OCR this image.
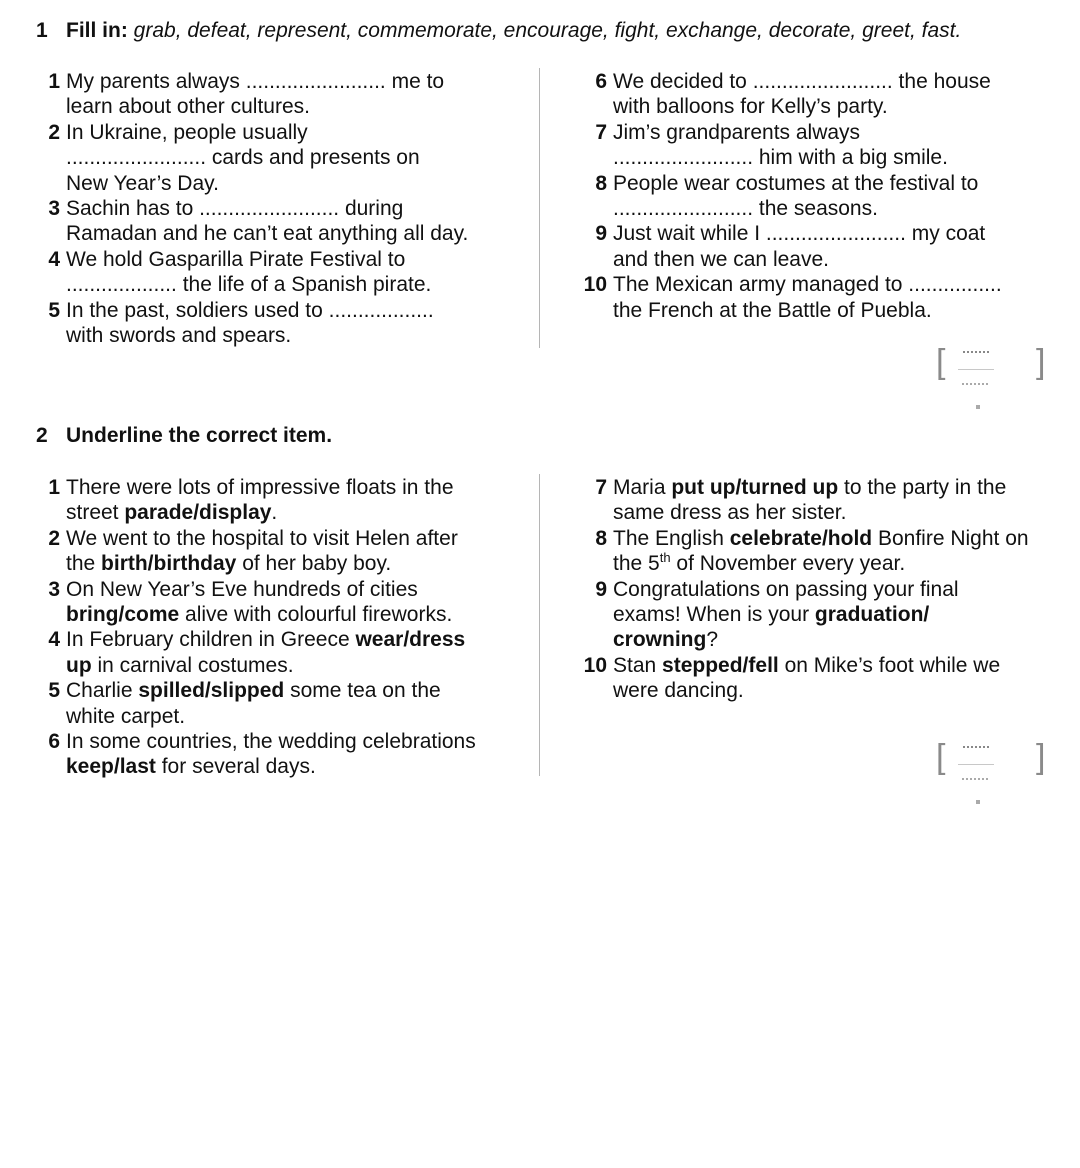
1 Fill in: grab, defeat, represent, commemorate, encourage, fight, exchange, decorate, greet, fast.
1 My parents always ........................ me to
learn about other cultures.
2 In Ukraine, people usually
........................ cards and presents on
New Year’s Day.
3 Sachin has to ........................ during
Ramadan and he can’t eat anything all day.
4 We hold Gasparilla Pirate Festival to
................... the life of a Spanish pirate.
5 In the past, soldiers used to ..................
with swords and spears.
6 We decided to ........................ the house
with balloons for Kelly’s party.
7 Jim’s grandparents always
........................ him with a big smile.
8 People wear costumes at the festival to
........................ the seasons.
9 Just wait while I ........................ my coat
and then we can leave.
10 The Mexican army managed to ................
the French at the Battle of Puebla.
[	]
2 Underline the correct item.
1 There were lots of impressive floats in the
street parade/display.
2 We went to the hospital to visit Helen after
the birth/birthday of her baby boy.
3 On New Year’s Eve hundreds of cities
bring/come alive with colourful fireworks.
4 In February children in Greece wear/dress
up in carnival costumes.
5 Charlie spilled/slipped some tea on the
white carpet.
6 In some countries, the wedding celebrations
keep/last for several days.
7 Maria put up/turned up to the party in the
same dress as her sister.
8 The English celebrate/hold Bonfire Night on
the 5th of November every year.
9 Congratulations on passing your final
exams! When is your graduation/
crowning?
10 Stan stepped/fell on Mike’s foot while we
were dancing.
[	]
